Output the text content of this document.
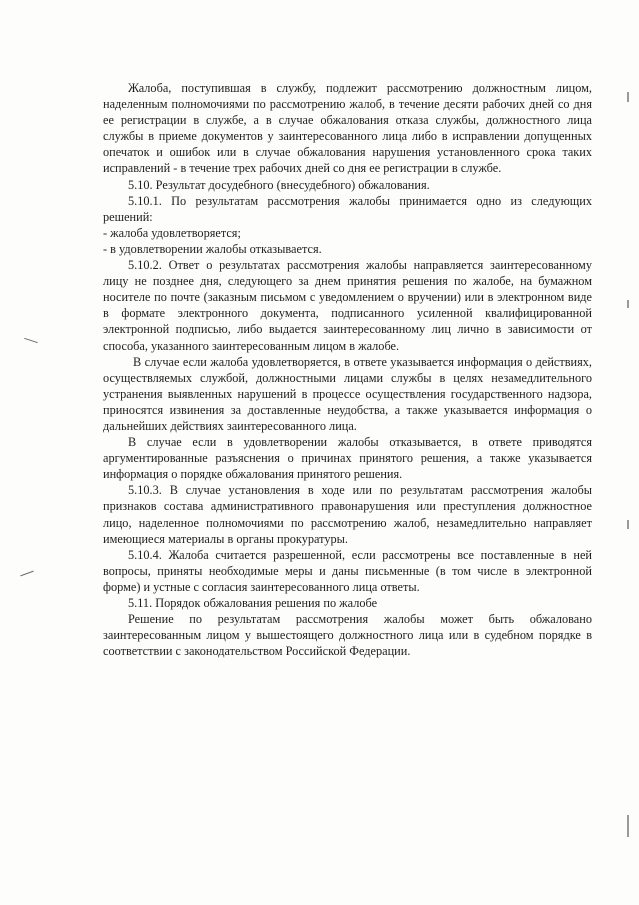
Жалоба, поступившая в службу, подлежит рассмотрению должностным лицом, наделенным полномочиями по рассмотрению жалоб, в течение десяти рабочих дней со дня ее регистрации в службе, а в случае обжалования отказа службы, должностного лица службы в приеме документов у заинтересованного лица либо в исправлении допущенных опечаток и ошибок или в случае обжалования нарушения установленного срока таких исправлений - в течение трех рабочих дней со дня ее регистрации в службе.

5.10. Результат досудебного (внесудебного) обжалования.

5.10.1. По результатам рассмотрения жалобы принимается одно из следующих решений:

- жалоба удовлетворяется;

- в удовлетворении жалобы отказывается.

5.10.2. Ответ о результатах рассмотрения жалобы направляется заинтересованному лицу не позднее дня, следующего за днем принятия решения по жалобе, на бумажном носителе по почте (заказным письмом с уведомлением о вручении) или в электронном виде в формате электронного документа, подписанного усиленной квалифицированной электронной подписью, либо выдается заинтересованному лиц лично в зависимости от способа, указанного заинтересованным лицом в жалобе.

В случае если жалоба удовлетворяется, в ответе указывается информация о действиях, осуществляемых службой, должностными лицами службы в целях незамедлительного устранения выявленных нарушений в процессе осуществления государственного надзора, приносятся извинения за доставленные неудобства, а также указывается информация о дальнейших действиях заинтересованного лица.

В случае если в удовлетворении жалобы отказывается, в ответе приводятся аргументированные разъяснения о причинах принятого решения, а также указывается информация о порядке обжалования принятого решения.

5.10.3. В случае установления в ходе или по результатам рассмотрения жалобы признаков состава административного правонарушения или преступления должностное лицо, наделенное полномочиями по рассмотрению жалоб, незамедлительно направляет имеющиеся материалы в органы прокуратуры.

5.10.4. Жалоба считается разрешенной, если рассмотрены все поставленные в ней вопросы, приняты необходимые меры и даны письменные (в том числе в электронной форме) и устные с согласия заинтересованного лица ответы.

5.11. Порядок обжалования решения по жалобе

Решение по результатам рассмотрения жалобы может быть обжаловано заинтересованным лицом у вышестоящего должностного лица или в судебном порядке в соответствии с законодательством Российской Федерации.
